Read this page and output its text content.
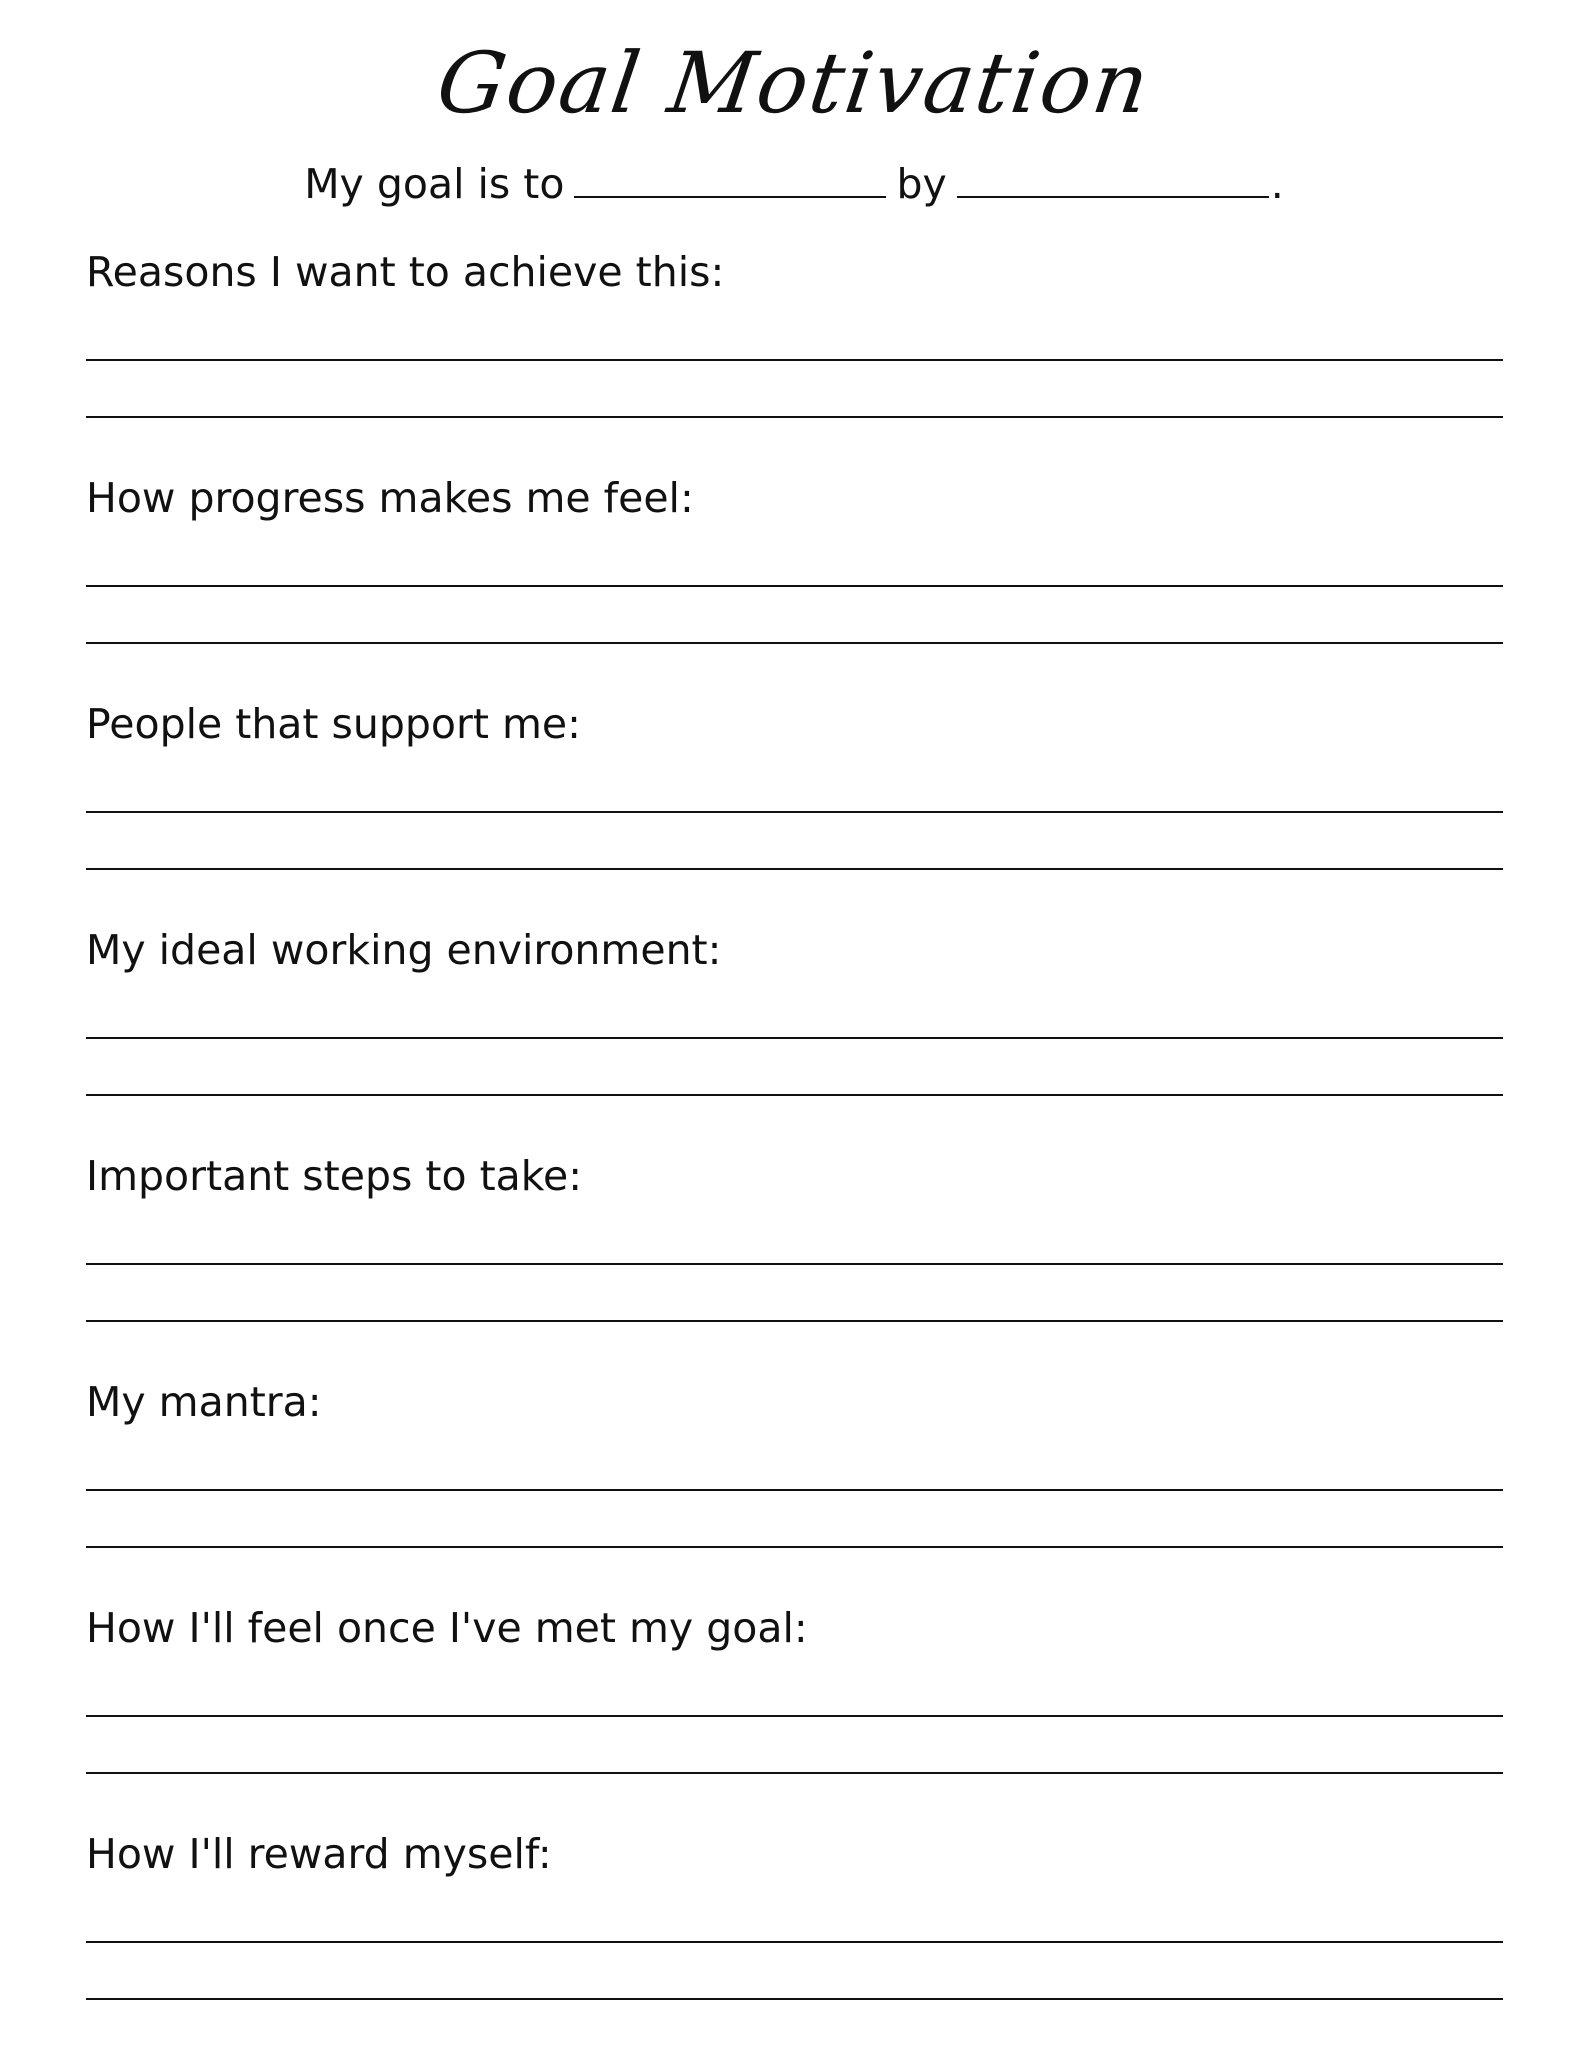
Goal Motivation
My goal is to	by	.
Reasons I want to achieve this:
How progress makes me feel:
People that support me:
My ideal working environment:
Important steps to take:
My mantra:
How I'll feel once I've met my goal:
How I'll reward myself:
